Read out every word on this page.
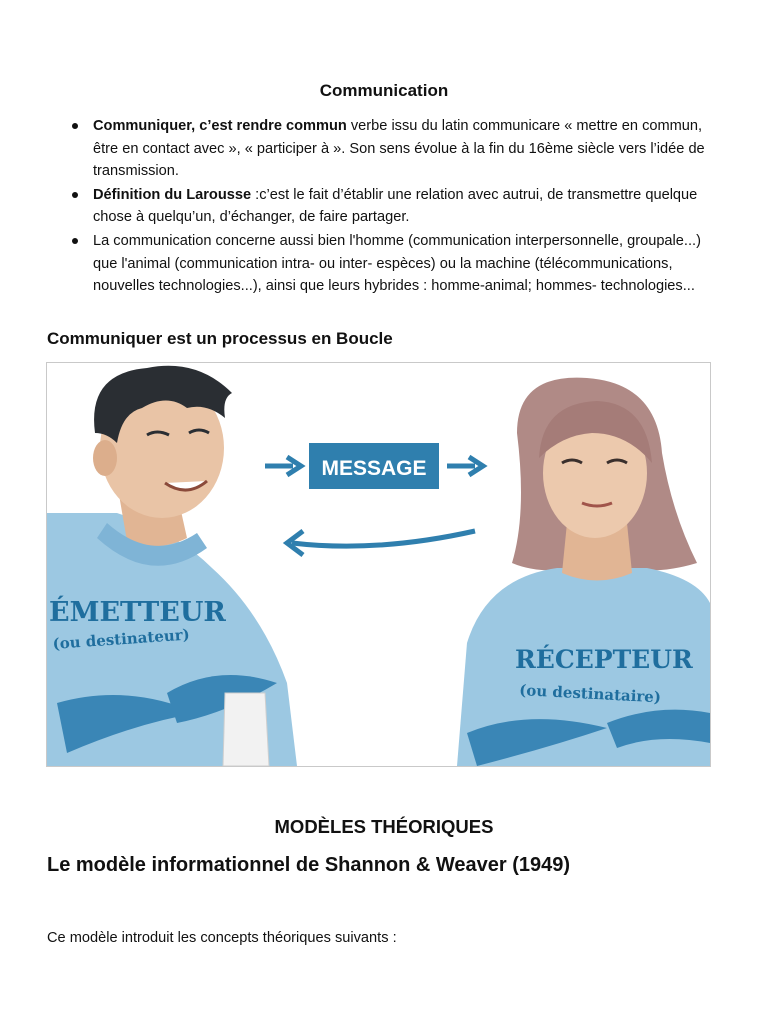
Communication
Communiquer, c’est rendre commun verbe issu du latin communicare « mettre en commun, être en contact avec », « participer à ». Son sens évolue à la fin du 16ème siècle vers l’idée de transmission.
Définition du Larousse :c’est le fait d’établir une relation avec autrui, de transmettre quelque chose à quelqu’un, d’échanger, de faire partager.
La communication concerne aussi bien l'homme (communication interpersonnelle, groupale...) que l'animal (communication intra- ou inter- espèces) ou la machine (télécommunications, nouvelles technologies...), ainsi que leurs hybrides : homme-animal; hommes- technologies...
Communiquer est un processus en Boucle
ÉMETTEUR
(ou destinateur)
MESSAGE
RÉCEPTEUR
(ou destinataire)
MODÈLES THÉORIQUES
Le modèle informationnel de Shannon & Weaver (1949)
Ce modèle introduit les concepts théoriques suivants :
